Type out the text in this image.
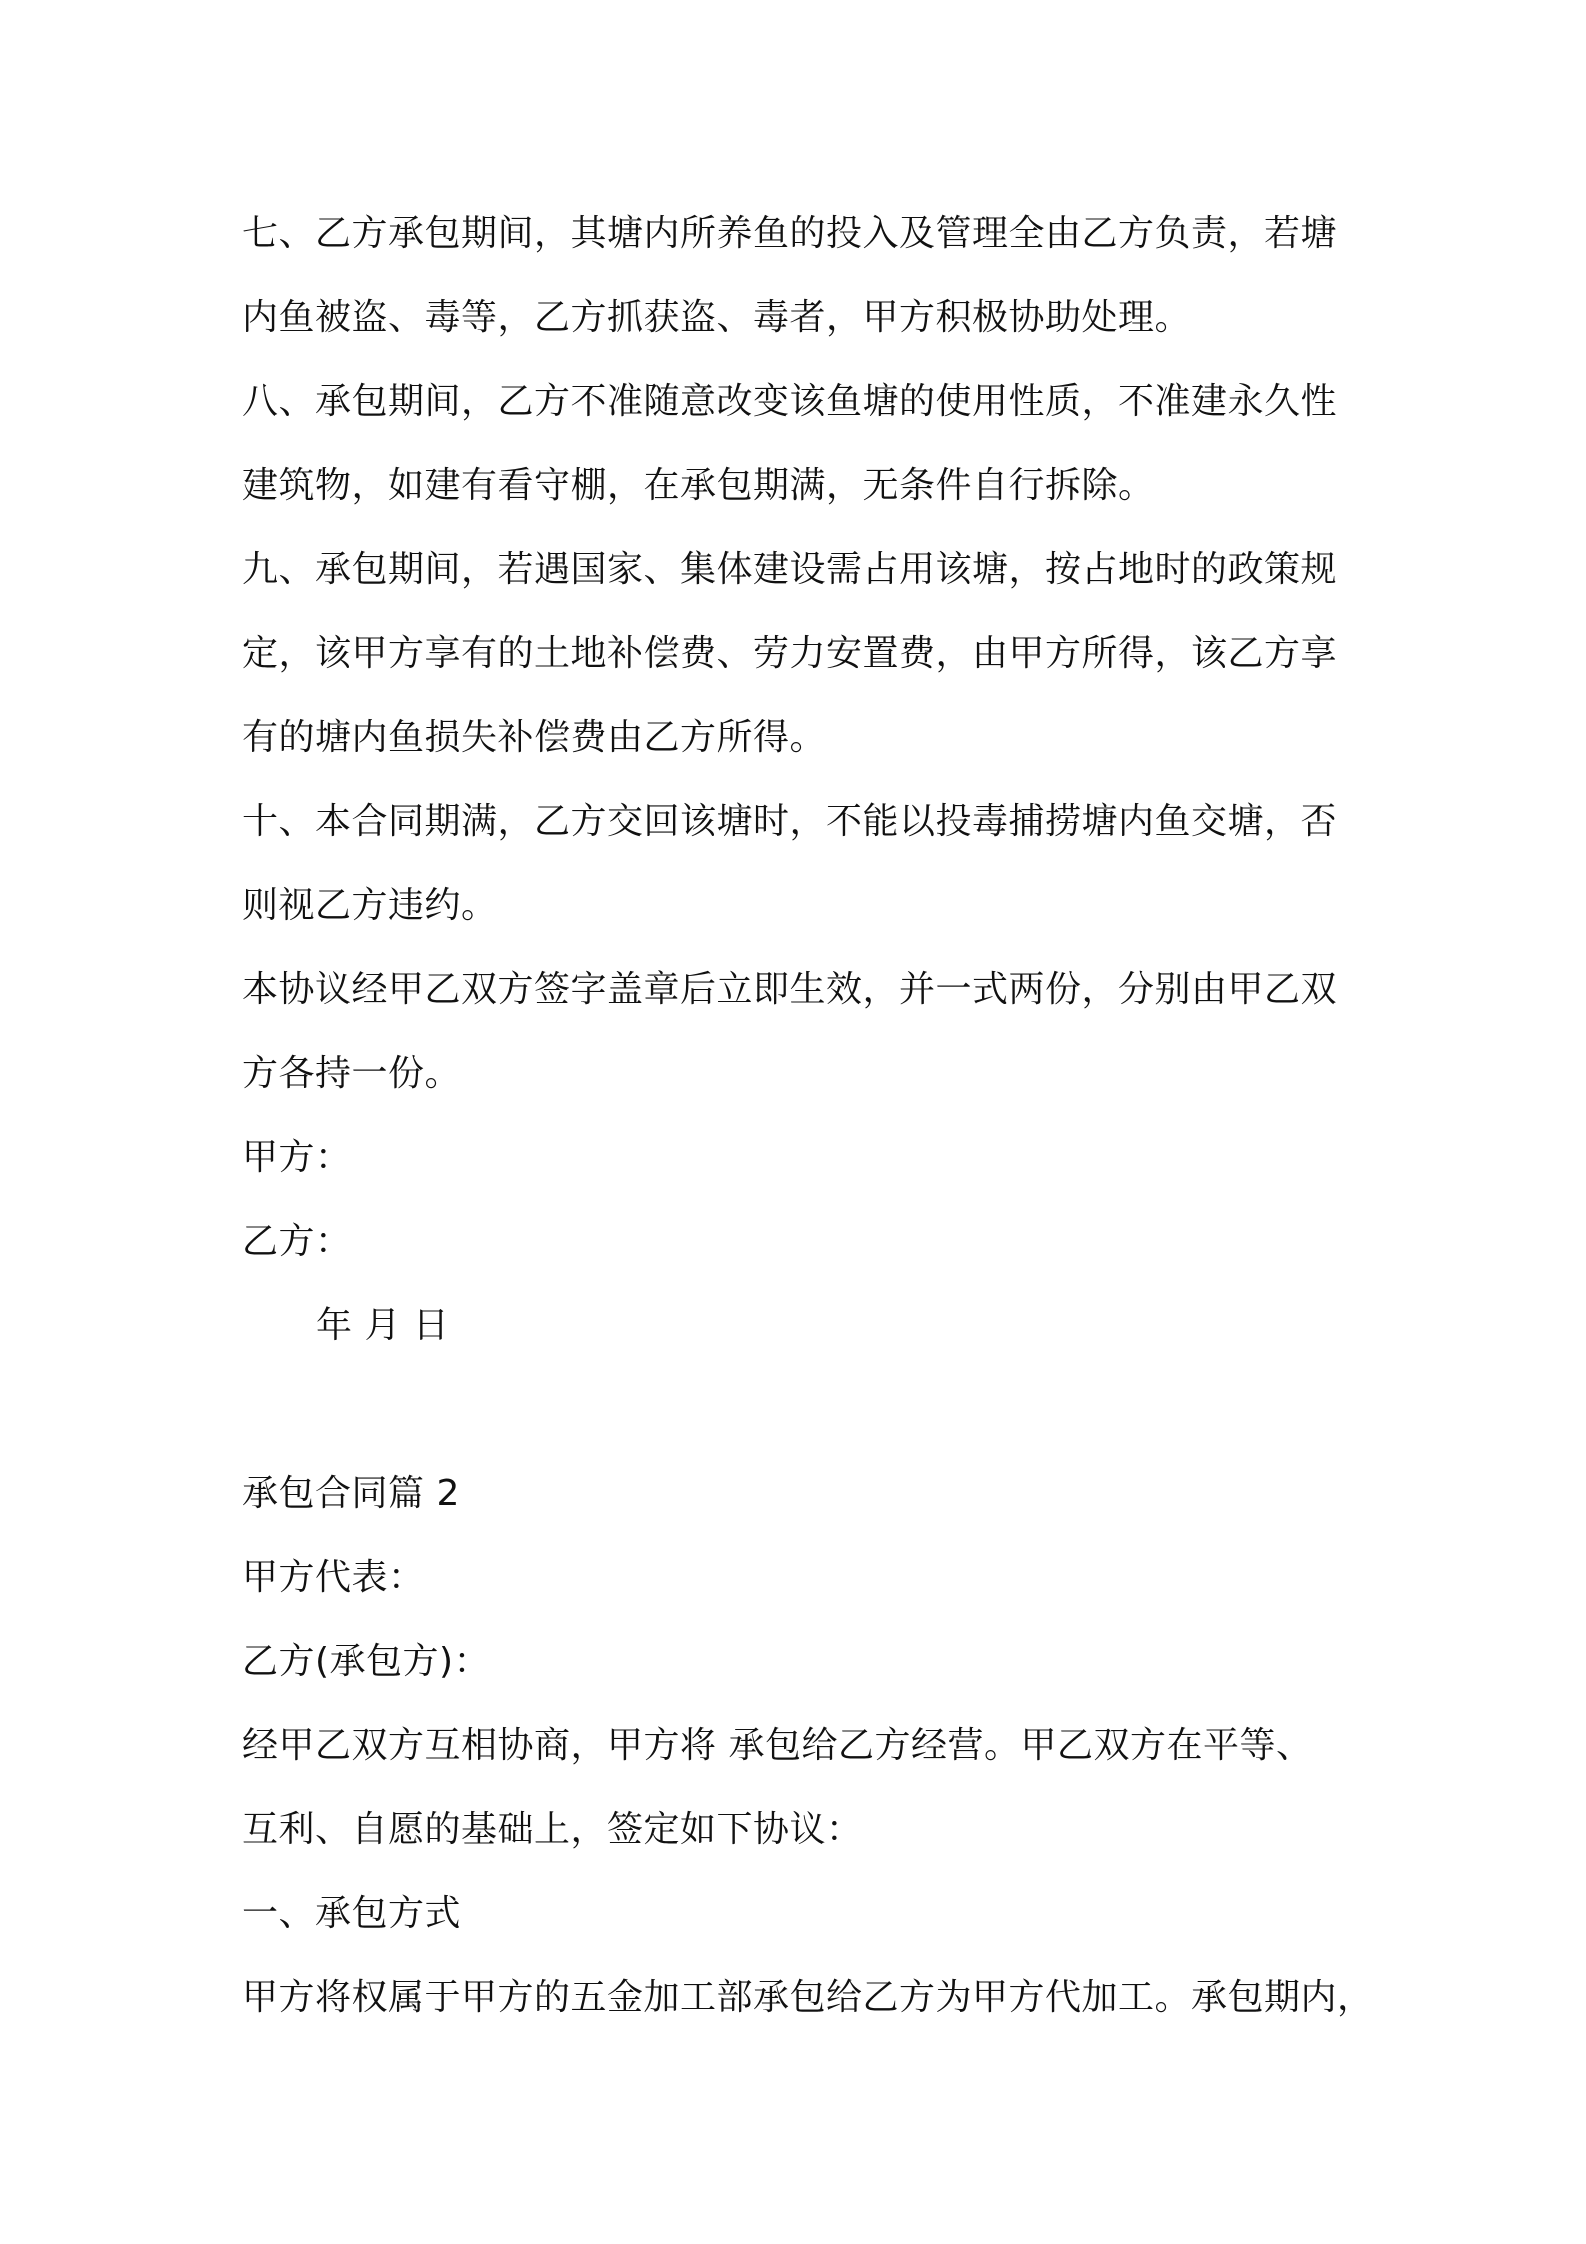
七、乙方承包期间，其塘内所养鱼的投入及管理全由乙方负责，若塘
内鱼被盗、毒等，乙方抓获盗、毒者，甲方积极协助处理。
八、承包期间，乙方不准随意改变该鱼塘的使用性质，不准建永久性
建筑物，如建有看守棚，在承包期满，无条件自行拆除。
九、承包期间，若遇国家、集体建设需占用该塘，按占地时的政策规
定，该甲方享有的土地补偿费、劳力安置费，由甲方所得，该乙方享
有的塘内鱼损失补偿费由乙方所得。
十、本合同期满，乙方交回该塘时，不能以投毒捕捞塘内鱼交塘，否
则视乙方违约。
本协议经甲乙双方签字盖章后立即生效，并一式两份，分别由甲乙双
方各持一份。
甲方：
乙方：
年 月 日
承包合同篇 2
甲方代表：
乙方(承包方)：
经甲乙双方互相协商，甲方将 承包给乙方经营。甲乙双方在平等、
互利、自愿的基础上，签定如下协议：
一、承包方式
甲方将权属于甲方的五金加工部承包给乙方为甲方代加工。承包期内，
